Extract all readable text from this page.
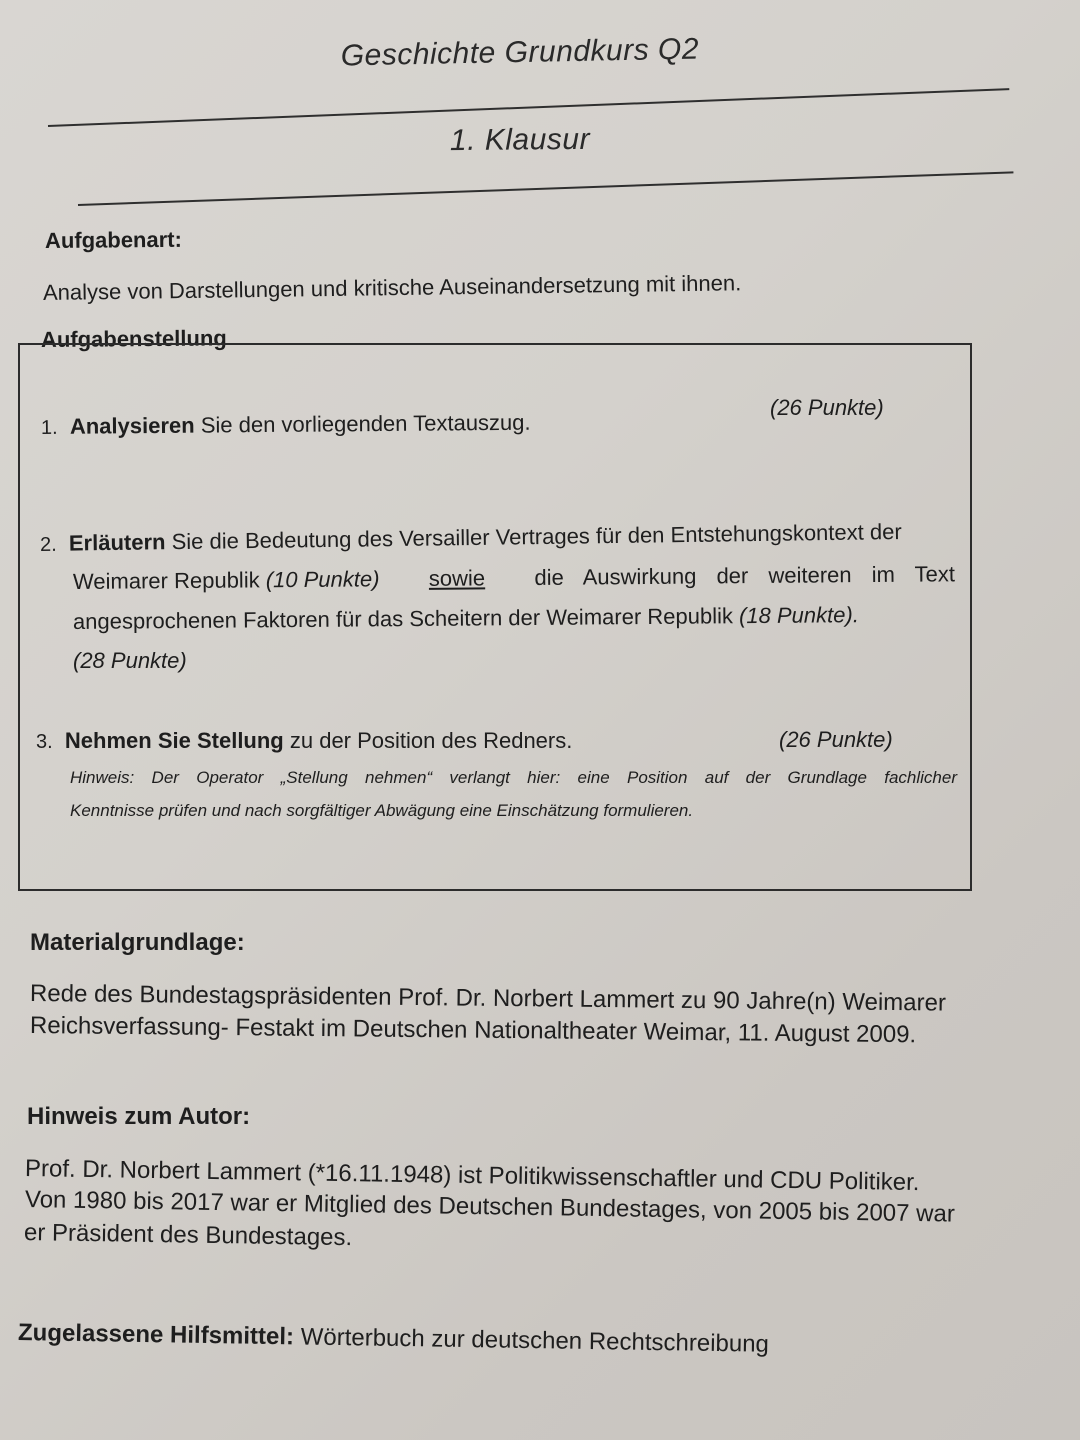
Geschichte Grundkurs Q2
1. Klausur
Aufgabenart:
Analyse von Darstellungen und kritische Auseinandersetzung mit ihnen.
Aufgabenstellung
1. Analysieren Sie den vorliegenden Textauszug.
(26 Punkte)
2. Erläutern Sie die Bedeutung des Versailler Vertrages für den Entstehungskontext der
Weimarer Republik (10 Punkte) sowie die Auswirkung der weiteren im Text
angesprochenen Faktoren für das Scheitern der Weimarer Republik (18 Punkte).
(28 Punkte)
3. Nehmen Sie Stellung zu der Position des Redners.	(26 Punkte)
Hinweis: Der Operator „Stellung nehmen“ verlangt hier: eine Position auf der Grundlage fachlicher
Kenntnisse prüfen und nach sorgfältiger Abwägung eine Einschätzung formulieren.
Materialgrundlage:
Rede des Bundestagspräsidenten Prof. Dr. Norbert Lammert zu 90 Jahre(n) Weimarer
Reichsverfassung- Festakt im Deutschen Nationaltheater Weimar, 11. August 2009.
Hinweis zum Autor:
Prof. Dr. Norbert Lammert (*16.11.1948) ist Politikwissenschaftler und CDU Politiker.
Von 1980 bis 2017 war er Mitglied des Deutschen Bundestages, von 2005 bis 2007 war
er Präsident des Bundestages.
Zugelassene Hilfsmittel: Wörterbuch zur deutschen Rechtschreibung
